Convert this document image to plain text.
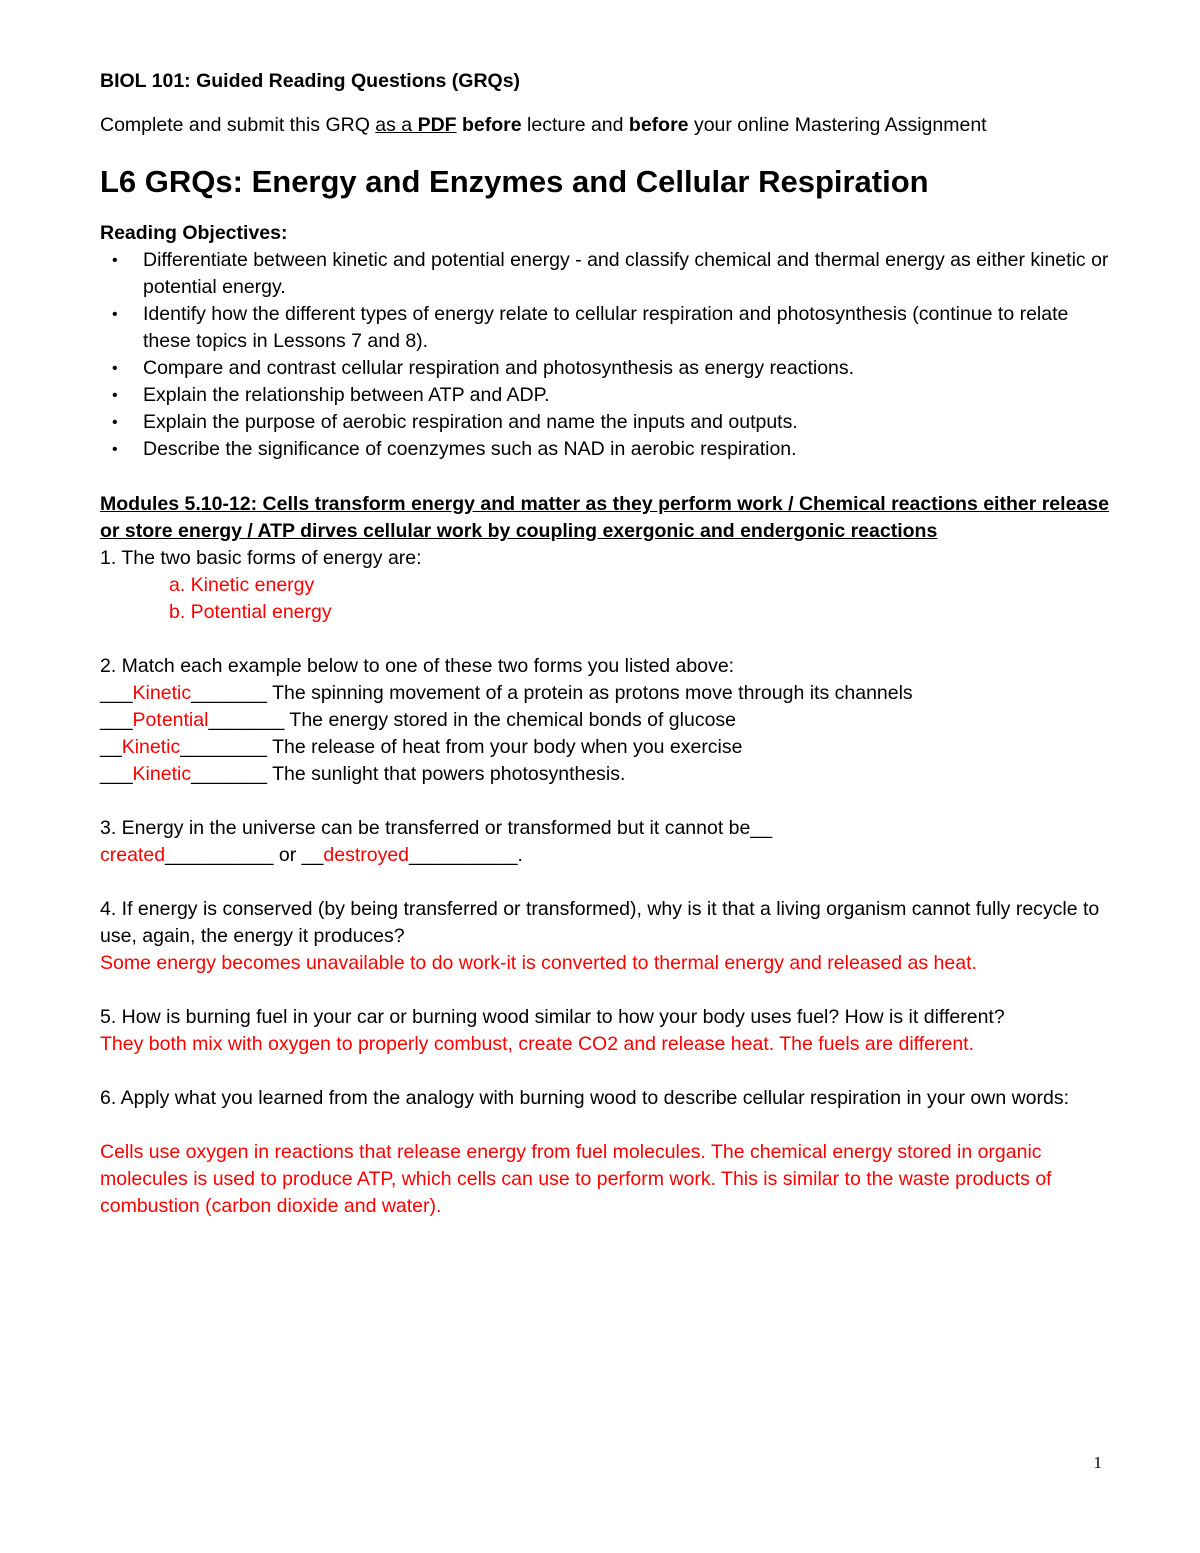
BIOL 101: Guided Reading Questions (GRQs)

Complete and submit this GRQ as a PDF before lecture and before your online Mastering Assignment

L6 GRQs: Energy and Enzymes and Cellular Respiration

Reading Objectives:

• Differentiate between kinetic and potential energy - and classify chemical and thermal energy as either kinetic or potential energy.
• Identify how the different types of energy relate to cellular respiration and photosynthesis (continue to relate these topics in Lessons 7 and 8).
• Compare and contrast cellular respiration and photosynthesis as energy reactions.
• Explain the relationship between ATP and ADP.
• Explain the purpose of aerobic respiration and name the inputs and outputs.
• Describe the significance of coenzymes such as NAD in aerobic respiration.

Modules 5.10-12: Cells transform energy and matter as they perform work / Chemical reactions either release or store energy / ATP dirves cellular work by coupling exergonic and endergonic reactions

1. The two basic forms of energy are:

a. Kinetic energy

b. Potential energy

2. Match each example below to one of these two forms you listed above:

___Kinetic_______ The spinning movement of a protein as protons move through its channels

___Potential_______ The energy stored in the chemical bonds of glucose

__Kinetic________ The release of heat from your body when you exercise

___Kinetic_______ The sunlight that powers photosynthesis.

3. Energy in the universe can be transferred or transformed but it cannot be__

created__________ or __destroyed__________.

4. If energy is conserved (by being transferred or transformed), why is it that a living organism cannot fully recycle to use, again, the energy it produces?

Some energy becomes unavailable to do work-it is converted to thermal energy and released as heat.

5. How is burning fuel in your car or burning wood similar to how your body uses fuel? How is it different?

They both mix with oxygen to properly combust, create CO2 and release heat. The fuels are different.

6. Apply what you learned from the analogy with burning wood to describe cellular respiration in your own words:

Cells use oxygen in reactions that release energy from fuel molecules. The chemical energy stored in organic molecules is used to produce ATP, which cells can use to perform work. This is similar to the waste products of combustion (carbon dioxide and water).

1
